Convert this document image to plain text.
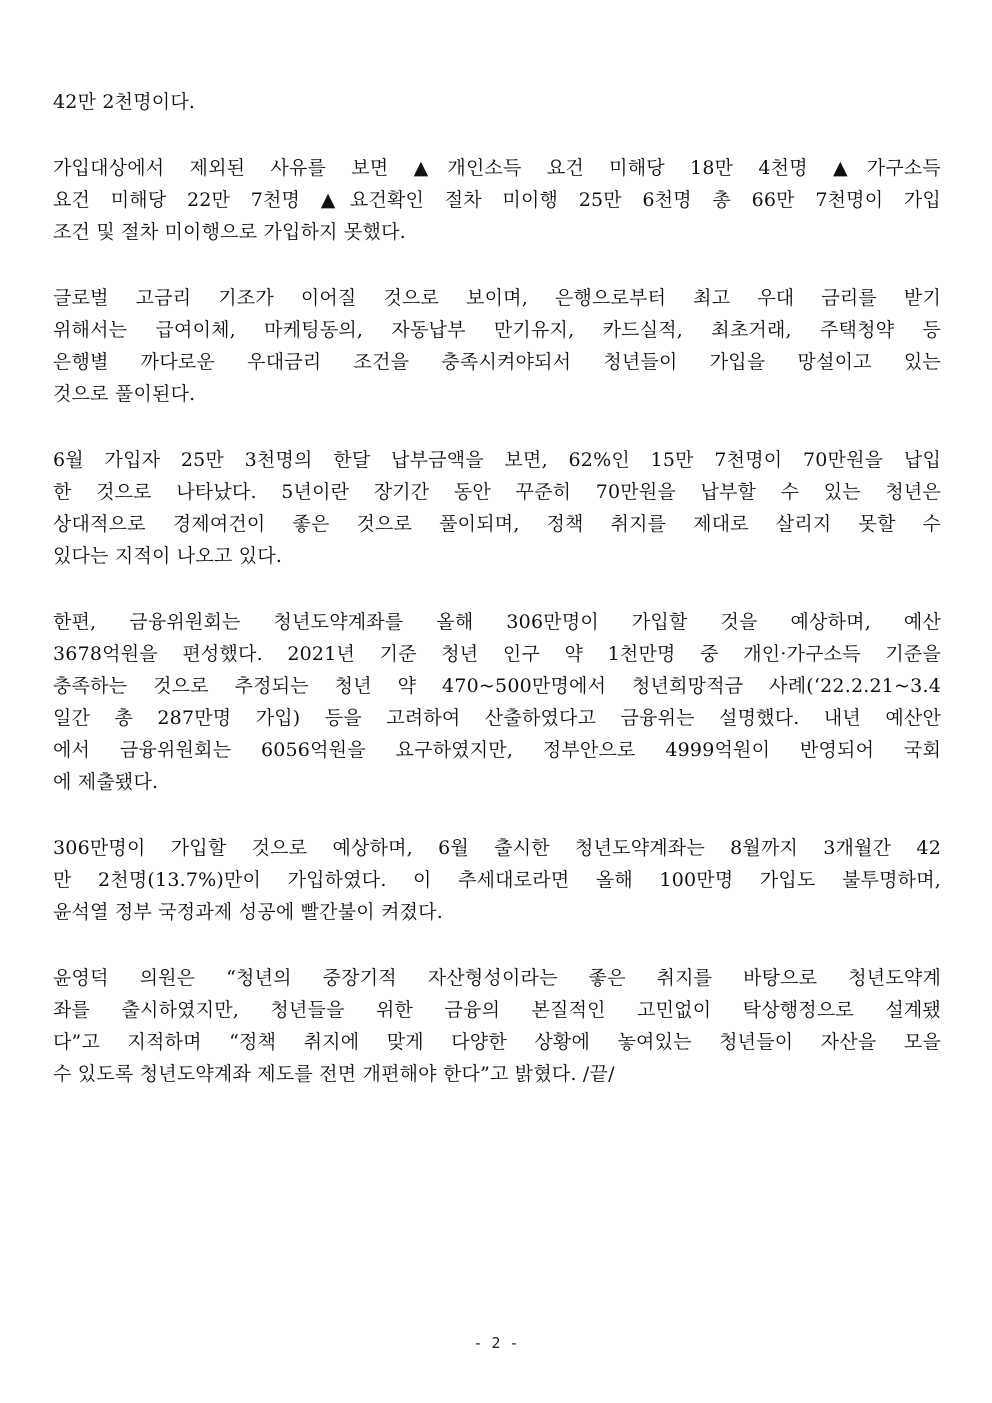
42만 2천명이다.

가입대상에서 제외된 사유를 보면 ▲개인소득 요건 미해당 18만 4천명 ▲가구소득
요건 미해당 22만 7천명 ▲요건확인 절차 미이행 25만 6천명 총 66만 7천명이 가입
조건 및 절차 미이행으로 가입하지 못했다.

글로벌 고금리 기조가 이어질 것으로 보이며, 은행으로부터 최고 우대 금리를 받기
위해서는 급여이체, 마케팅동의, 자동납부 만기유지, 카드실적, 최초거래, 주택청약 등
은행별 까다로운 우대금리 조건을 충족시켜야되서 청년들이 가입을 망설이고 있는
것으로 풀이된다.

6월 가입자 25만 3천명의 한달 납부금액을 보면, 62%인 15만 7천명이 70만원을 납입
한 것으로 나타났다. 5년이란 장기간 동안 꾸준히 70만원을 납부할 수 있는 청년은
상대적으로 경제여건이 좋은 것으로 풀이되며, 정책 취지를 제대로 살리지 못할 수
있다는 지적이 나오고 있다.

한편, 금융위원회는 청년도약계좌를 올해 306만명이 가입할 것을 예상하며, 예산
3678억원을 편성했다. 2021년 기준 청년 인구 약 1천만명 중 개인·가구소득 기준을
충족하는 것으로 추정되는 청년 약 470~500만명에서 청년희망적금 사례(‘22.2.21~3.4
일간 총 287만명 가입) 등을 고려하여 산출하였다고 금융위는 설명했다. 내년 예산안
에서 금융위원회는 6056억원을 요구하였지만, 정부안으로 4999억원이 반영되어 국회
에 제출됐다.

306만명이 가입할 것으로 예상하며, 6월 출시한 청년도약계좌는 8월까지 3개월간 42
만 2천명(13.7%)만이 가입하였다. 이 추세대로라면 올해 100만명 가입도 불투명하며,
윤석열 정부 국정과제 성공에 빨간불이 켜졌다.

윤영덕 의원은 “청년의 중장기적 자산형성이라는 좋은 취지를 바탕으로 청년도약계
좌를 출시하였지만, 청년들을 위한 금융의 본질적인 고민없이 탁상행정으로 설계됐
다”고 지적하며 “정책 취지에 맞게 다양한 상황에 놓여있는 청년들이 자산을 모을
수 있도록 청년도약계좌 제도를 전면 개편해야 한다”고 밝혔다. /끝/

- 2 -
